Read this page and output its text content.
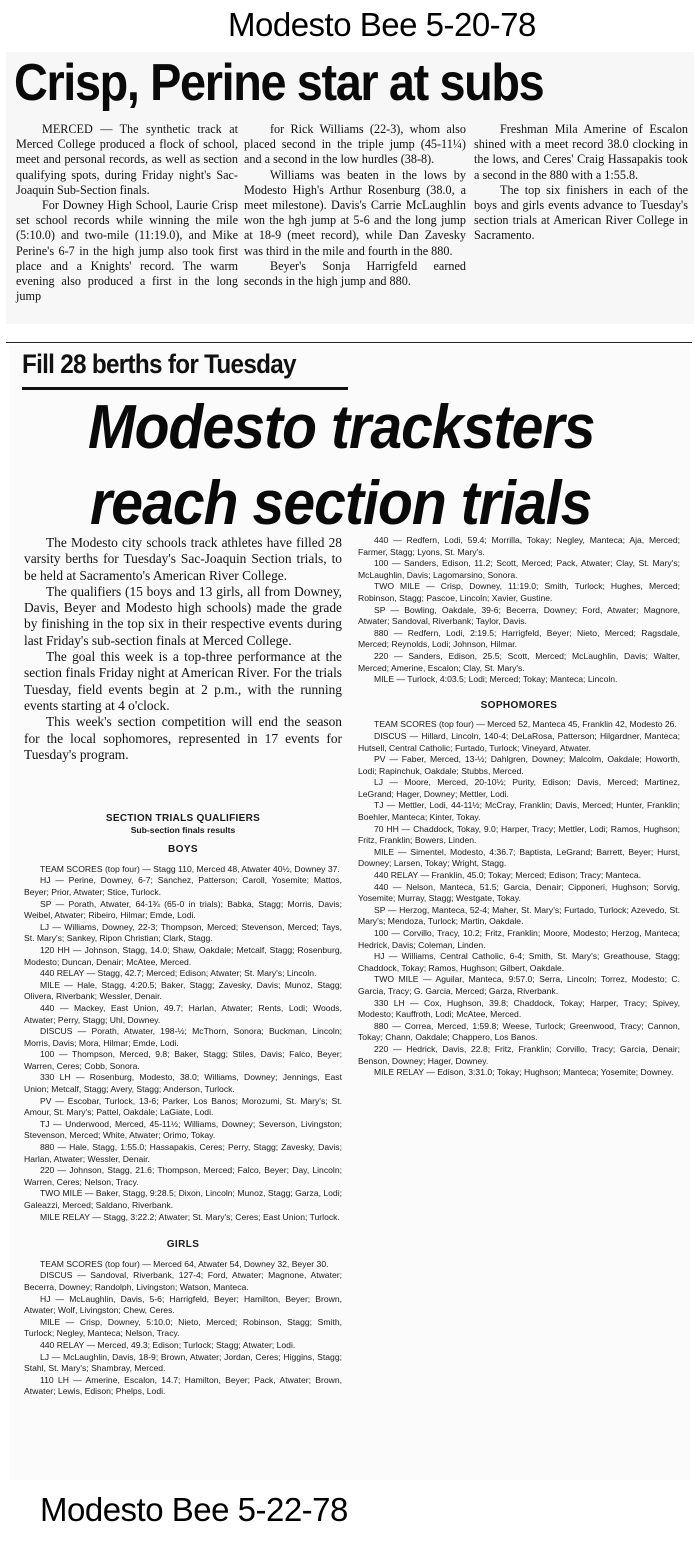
Modesto Bee 5-20-78
Crisp, Perine star at subs

MERCED — The synthetic track at Merced College produced a flock of school, meet and personal records, as well as section qualifying spots, during Friday night's Sac-Joaquin Sub-Section finals.

For Downey High School, Laurie Crisp set school records while winning the mile (5:10.0) and two-mile (11:19.0), and Mike Perine's 6-7 in the high jump also took first place and a Knights' record. The warm evening also produced a first in the long jump

for Rick Williams (22-3), whom also placed second in the triple jump (45-11¼) and a second in the low hurdles (38-8).

Williams was beaten in the lows by Modesto High's Arthur Rosenburg (38.0, a meet milestone). Davis's Carrie McLaughlin won the hgh jump at 5-6 and the long jump at 18-9 (meet record), while Dan Zavesky was third in the mile and fourth in the 880.

Beyer's Sonja Harrigfeld earned seconds in the high jump and 880.

Freshman Mila Amerine of Escalon shined with a meet record 38.0 clocking in the lows, and Ceres' Craig Hassapakis took a second in the 880 with a 1:55.8.

The top six finishers in each of the boys and girls events advance to Tuesday's section trials at American River College in Sacramento.

Fill 28 berths for Tuesday
Modesto tracksters
reach section trials

The Modesto city schools track athletes have filled 28 varsity berths for Tuesday's Sac-Joaquin Section trials, to be held at Sacramento's American River College.

The qualifiers (15 boys and 13 girls, all from Downey, Davis, Beyer and Modesto high schools) made the grade by finishing in the top six in their respective events during last Friday's sub-section finals at Merced College.

The goal this week is a top-three performance at the section finals Friday night at American River. For the trials Tuesday, field events begin at 2 p.m., with the running events starting at 4 o'clock.

This week's section competition will end the season for the local sophomores, represented in 17 events for Tuesday's program.

SECTION TRIALS QUALIFIERS

Sub-section finals results

BOYS

TEAM SCORES (top four) — Stagg 110, Merced 48, Atwater 40½, Downey 37.

HJ — Perine, Downey, 6-7; Sanchez, Patterson; Caroll, Yosemite; Mattos, Beyer; Prior, Atwater; Stice, Turlock.

SP — Porath, Atwater, 64-1¾ (65-0 in trials); Babka, Stagg; Morris, Davis; Weibel, Atwater; Ribeiro, Hilmar; Emde, Lodi.

LJ — Williams, Downey, 22-3; Thompson, Merced; Stevenson, Merced; Tays, St. Mary's; Sankey, Ripon Christian; Clark, Stagg.

120 HH — Johnson, Stagg, 14.0; Shaw, Oakdale; Metcalf, Stagg; Rosenburg, Modesto; Duncan, Denair; McAtee, Merced.

440 RELAY — Stagg, 42.7; Merced; Edison; Atwater; St. Mary's; Lincoln.

MILE — Hale, Stagg, 4:20.5; Baker, Stagg; Zavesky, Davis; Munoz, Stagg; Olivera, Riverbank; Wessler, Denair.

440 — Mackey, East Union, 49.7; Harlan, Atwater; Rents, Lodi; Woods, Atwater; Perry, Stagg; Uhl, Downey.

DISCUS — Porath, Atwater, 198-½; McThorn, Sonora; Buckman, Lincoln; Morris, Davis; Mora, Hilmar; Emde, Lodi.

100 — Thompson, Merced, 9.8; Baker, Stagg; Stiles, Davis; Falco, Beyer; Warren, Ceres; Cobb, Sonora.

330 LH — Rosenburg, Modesto, 38.0; Williams, Downey; Jennings, East Union; Metcalf, Stagg; Avery, Stagg; Anderson, Turlock.

PV — Escobar, Turlock, 13-6; Parker, Los Banos; Morozumi, St. Mary's; St. Amour, St. Mary's; Pattel, Oakdale; LaGiate, Lodi.

TJ — Underwood, Merced, 45-11½; Williams, Downey; Severson, Livingston; Stevenson, Merced; White, Atwater; Orimo, Tokay.

880 — Hale, Stagg, 1:55.0; Hassapakis, Ceres; Perry, Stagg; Zavesky, Davis; Harlan, Atwater; Wessler, Denair.

220 — Johnson, Stagg, 21.6; Thompson, Merced; Falco, Beyer; Day, Lincoln; Warren, Ceres; Nelson, Tracy.

TWO MILE — Baker, Stagg, 9:28.5; Dixon, Lincoln; Munoz, Stagg; Garza, Lodi; Galeazzi, Merced; Saldano, Riverbank.

MILE RELAY — Stagg, 3:22.2; Atwater; St. Mary's; Ceres; East Union; Turlock.

GIRLS

TEAM SCORES (top four) — Merced 64, Atwater 54, Downey 32, Beyer 30.

DISCUS — Sandoval, Riverbank, 127-4; Ford, Atwater; Magnone, Atwater; Becerra, Downey; Randolph, Livingston; Watson, Manteca.

HJ — McLaughlin, Davis, 5-6; Harrigfeld, Beyer; Hamilton, Beyer; Brown, Atwater; Wolf, Livingston; Chew, Ceres.

MILE — Crisp, Downey, 5:10.0; Nieto, Merced; Robinson, Stagg; Smith, Turlock; Negley, Manteca; Nelson, Tracy.

440 RELAY — Merced, 49.3; Edison; Turlock; Stagg; Atwater; Lodi.

LJ — McLaughlin, Davis, 18-9; Brown, Atwater; Jordan, Ceres; Higgins, Stagg; Stahl, St. Mary's; Shambray, Merced.

110 LH — Amerine, Escalon, 14.7; Hamilton, Beyer; Pack, Atwater; Brown, Atwater; Lewis, Edison; Phelps, Lodi.

440 — Redfern, Lodi, 59.4; Morrilla, Tokay; Negley, Manteca; Aja, Merced; Farmer, Stagg; Lyons, St. Mary's.

100 — Sanders, Edison, 11.2; Scott, Merced; Pack, Atwater; Clay, St. Mary's; McLaughlin, Davis; Lagomarsino, Sonora.

TWO MILE — Crisp, Downey, 11:19.0; Smith, Turlock; Hughes, Merced; Robinson, Stagg; Pascoe, Lincoln; Xavier, Gustine.

SP — Bowling, Oakdale, 39-6; Becerra, Downey; Ford, Atwater; Magnore, Atwater; Sandoval, Riverbank; Taylor, Davis.

880 — Redfern, Lodi, 2:19.5; Harrigfeld, Beyer; Nieto, Merced; Ragsdale, Merced; Reynolds, Lodi; Johnson, Hilmar.

220 — Sanders, Edison, 25.5; Scott, Merced; McLaughlin, Davis; Walter, Merced; Amerine, Escalon; Clay, St. Mary's.

MILE — Turlock, 4:03.5; Lodi; Merced; Tokay; Manteca; Lincoln.

SOPHOMORES

TEAM SCORES (top four) — Merced 52, Manteca 45, Franklin 42, Modesto 26.

DISCUS — Hillard, Lincoln, 140-4; DeLaRosa, Patterson; Hilgardner, Manteca; Hutsell, Central Catholic; Furtado, Turlock; Vineyard, Atwater.

PV — Faber, Merced, 13-½; Dahlgren, Downey; Malcolm, Oakdale; Howorth, Lodi; Rapinchuk, Oakdale; Stubbs, Merced.

LJ — Moore, Merced, 20-10½; Purity, Edison; Davis, Merced; Martinez, LeGrand; Hager, Downey; Mettler, Lodi.

TJ — Mettler, Lodi, 44-11½; McCray, Franklin; Davis, Merced; Hunter, Franklin; Boehler, Manteca; Kinter, Tokay.

70 HH — Chaddock, Tokay, 9.0; Harper, Tracy; Mettler, Lodi; Ramos, Hughson; Fritz, Franklin; Bowers, Linden.

MILE — Simentel, Modesto, 4:36.7; Baptista, LeGrand; Barrett, Beyer; Hurst, Downey; Larsen, Tokay; Wright, Stagg.

440 RELAY — Franklin, 45.0; Tokay; Merced; Edison; Tracy; Manteca.

440 — Nelson, Manteca, 51.5; Garcia, Denair; Cipponeri, Hughson; Sorvig, Yosemite; Murray, Stagg; Westgate, Tokay.

SP — Herzog, Manteca, 52-4; Maher, St. Mary's; Furtado, Turlock; Azevedo, St. Mary's; Mendoza, Turlock; Martin, Oakdale.

100 — Corvillo, Tracy, 10.2; Fritz, Franklin; Moore, Modesto; Herzog, Manteca; Hedrick, Davis; Coleman, Linden.

HJ — Williams, Central Catholic, 6-4; Smith, St. Mary's; Greathouse, Stagg; Chaddock, Tokay; Ramos, Hughson; Gilbert, Oakdale.

TWO MILE — Aguilar, Manteca, 9:57.0; Serra, Lincoln; Torrez, Modesto; C. Garcia, Tracy; G. Garcia, Merced; Garza, Riverbank.

330 LH — Cox, Hughson, 39.8; Chaddock, Tokay; Harper, Tracy; Spivey, Modesto; Kauffroth, Lodi; McAtee, Merced.

880 — Correa, Merced, 1:59.8; Weese, Turlock; Greenwood, Tracy; Cannon, Tokay; Chann, Oakdale; Chappero, Los Banos.

220 — Hedrick, Davis, 22.8; Fritz, Franklin; Corvillo, Tracy; Garcia, Denair; Benson, Downey; Hager, Downey.

MILE RELAY — Edison, 3:31.0; Tokay; Hughson; Manteca; Yosemite; Downey.

Modesto Bee 5-22-78
